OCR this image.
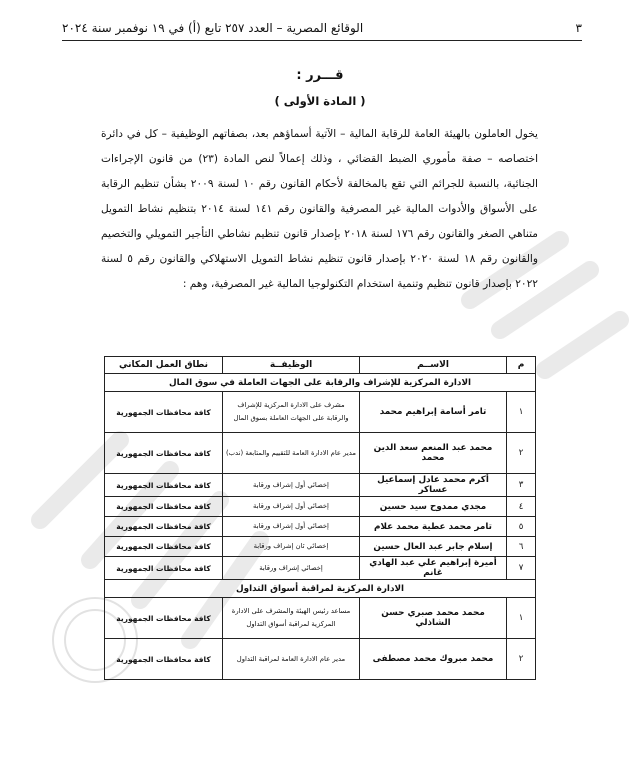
٣
الوقائع المصرية – العدد ٢٥٧ تابع (أ) في ١٩ نوفمبر سنة ٢٠٢٤
قـــرر :
( المادة الأولى )
يخول العاملون بالهيئة العامة للرقابة المالية – الآتية أسماؤهم بعد، بصفاتهم الوظيفية – كل في دائرة اختصاصه – صفة مأموري الضبط القضائي ، وذلك إعمالاً لنص المادة (٢٣) من قانون الإجراءات الجنائية، بالنسبة للجرائم التي تقع بالمخالفة لأحكام القانون رقم ١٠ لسنة ٢٠٠٩ بشأن تنظيم الرقابة على الأسواق والأدوات المالية غير المصرفية والقانون رقم ١٤١ لسنة ٢٠١٤ بتنظيم نشاط التمويل متناهي الصغر والقانون رقم ١٧٦ لسنة ٢٠١٨ بإصدار قانون تنظيم نشاطي التأجير التمويلي والتخصيم والقانون رقم ١٨ لسنة ٢٠٢٠ بإصدار قانون تنظيم نشاط التمويل الاستهلاكي والقانون رقم ٥ لسنة ٢٠٢٢ بإصدار قانون تنظيم وتنمية استخدام التكنولوجيا المالية غير المصرفية، وهم :
م	الاســم	الوظيفــة	نطاق العمل المكاني
الادارة المركزية للإشراف والرقابة على الجهات العاملة في سوق المال			
١	تامر أسامة إبراهيم محمد	مشرف على الادارة المركزية للإشراف والرقابة على الجهات العاملة بسوق المال	كافة محافظات الجمهورية
٢	محمد عبد المنعم سعد الدين محمد	مدير عام الادارة العامة للتقييم والمتابعة (ندب)	كافة محافظات الجمهورية
٣	أكرم محمد عادل إسماعيل عساكر	إخصائي أول إشراف ورقابة	كافة محافظات الجمهورية
٤	مجدي ممدوح سيد حسين	إخصائي أول إشراف ورقابة	كافة محافظات الجمهورية
٥	تامر محمد عطية محمد علام	إخصائي أول إشراف ورقابة	كافة محافظات الجمهورية
٦	إسلام جابر عبد العال حسين	إخصائي ثان إشراف ورقابة	كافة محافظات الجمهورية
٧	أميرة إبراهيم علي عبد الهادي غانم	إخصائي إشراف ورقابة	كافة محافظات الجمهورية
الادارة المركزية لمراقبة أسواق التداول			
١	محمد محمد صبري حسن الشاذلي	مساعد رئيس الهيئة والمشرف على الادارة المركزية لمراقبة أسواق التداول	كافة محافظات الجمهورية
٢	محمد مبروك محمد مصطفى	مدير عام الادارة العامة لمراقبة التداول	كافة محافظات الجمهورية
